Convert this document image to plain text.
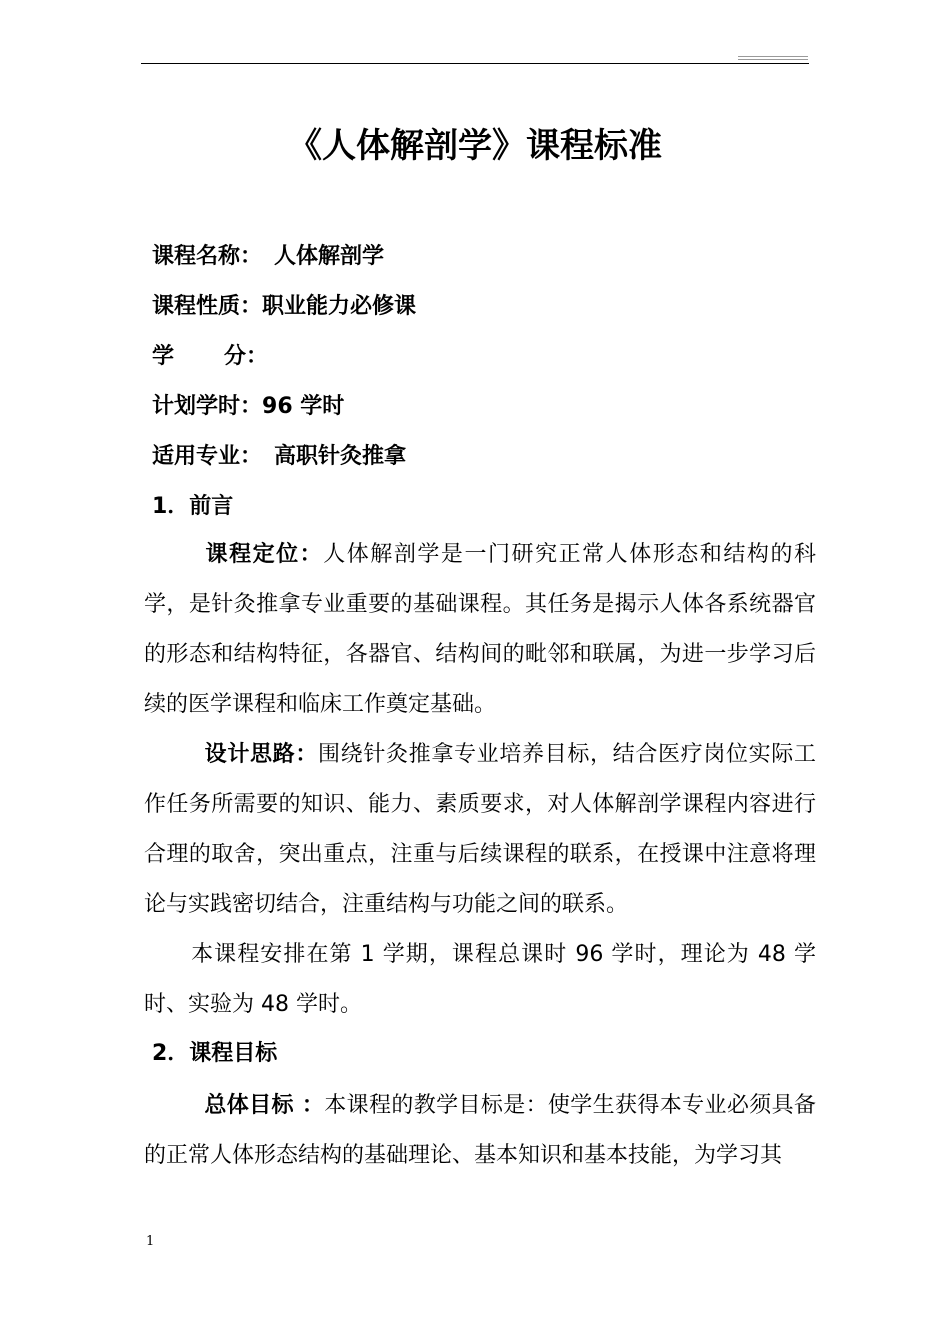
《人体解剖学》课程标准
课程名称： 人体解剖学
课程性质：职业能力必修课
学 分：
计划学时：96 学时
适用专业： 高职针灸推拿
1．前言
课程定位：人体解剖学是一门研究正常人体形态和结构的科学，是针灸推拿专业重要的基础课程。其任务是揭示人体各系统器官的形态和结构特征，各器官、结构间的毗邻和联属，为进一步学习后续的医学课程和临床工作奠定基础。
设计思路：围绕针灸推拿专业培养目标，结合医疗岗位实际工作任务所需要的知识、能力、素质要求，对人体解剖学课程内容进行合理的取舍，突出重点，注重与后续课程的联系，在授课中注意将理论与实践密切结合，注重结构与功能之间的联系。
本课程安排在第 1 学期，课程总课时 96 学时，理论为 48 学时、实验为 48 学时。
2．课程目标
总体目标 ：本课程的教学目标是：使学生获得本专业必须具备的正常人体形态结构的基础理论、基本知识和基本技能，为学习其
1
